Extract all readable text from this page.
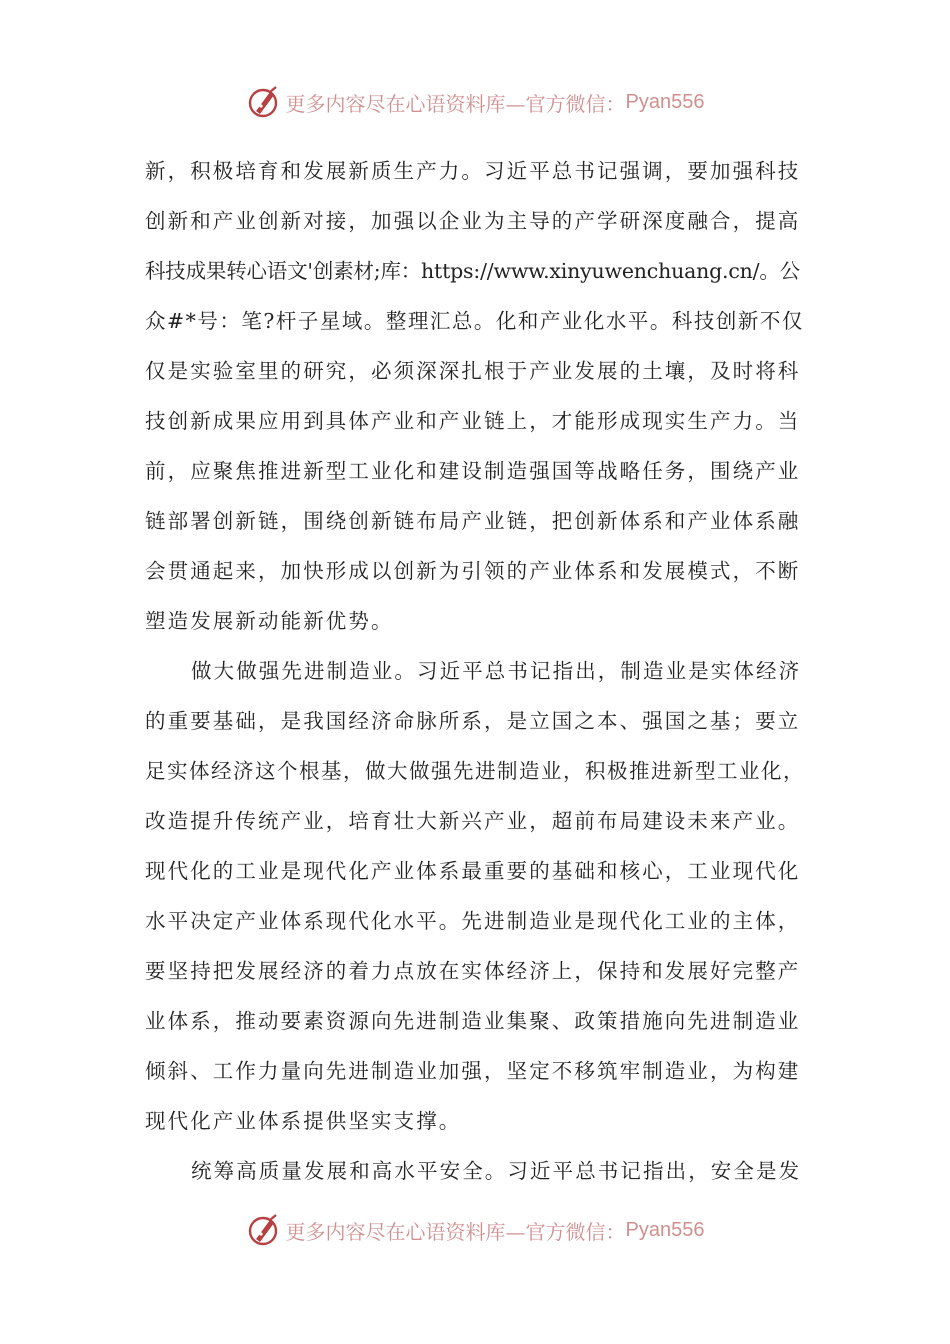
更多内容尽在心语资料库—官方微信： Pyan556
新，积极培育和发展新质生产力。习近平总书记强调，要加强科技
创新和产业创新对接，加强以企业为主导的产学研深度融合，提高
科技成果转心语文'创素材;库：https://www.xinyuwenchuang.cn/。公
众#*号：笔?杆子星域。整理汇总。化和产业化水平。科技创新不仅
仅是实验室里的研究，必须深深扎根于产业发展的土壤，及时将科
技创新成果应用到具体产业和产业链上，才能形成现实生产力。当
前，应聚焦推进新型工业化和建设制造强国等战略任务，围绕产业
链部署创新链，围绕创新链布局产业链，把创新体系和产业体系融
会贯通起来，加快形成以创新为引领的产业体系和发展模式，不断
塑造发展新动能新优势。
做大做强先进制造业。习近平总书记指出，制造业是实体经济
的重要基础，是我国经济命脉所系，是立国之本、强国之基；要立
足实体经济这个根基，做大做强先进制造业，积极推进新型工业化，
改造提升传统产业，培育壮大新兴产业，超前布局建设未来产业。
现代化的工业是现代化产业体系最重要的基础和核心，工业现代化
水平决定产业体系现代化水平。先进制造业是现代化工业的主体，
要坚持把发展经济的着力点放在实体经济上，保持和发展好完整产
业体系，推动要素资源向先进制造业集聚、政策措施向先进制造业
倾斜、工作力量向先进制造业加强，坚定不移筑牢制造业，为构建
现代化产业体系提供坚实支撑。
统筹高质量发展和高水平安全。习近平总书记指出，安全是发
更多内容尽在心语资料库—官方微信： Pyan556
